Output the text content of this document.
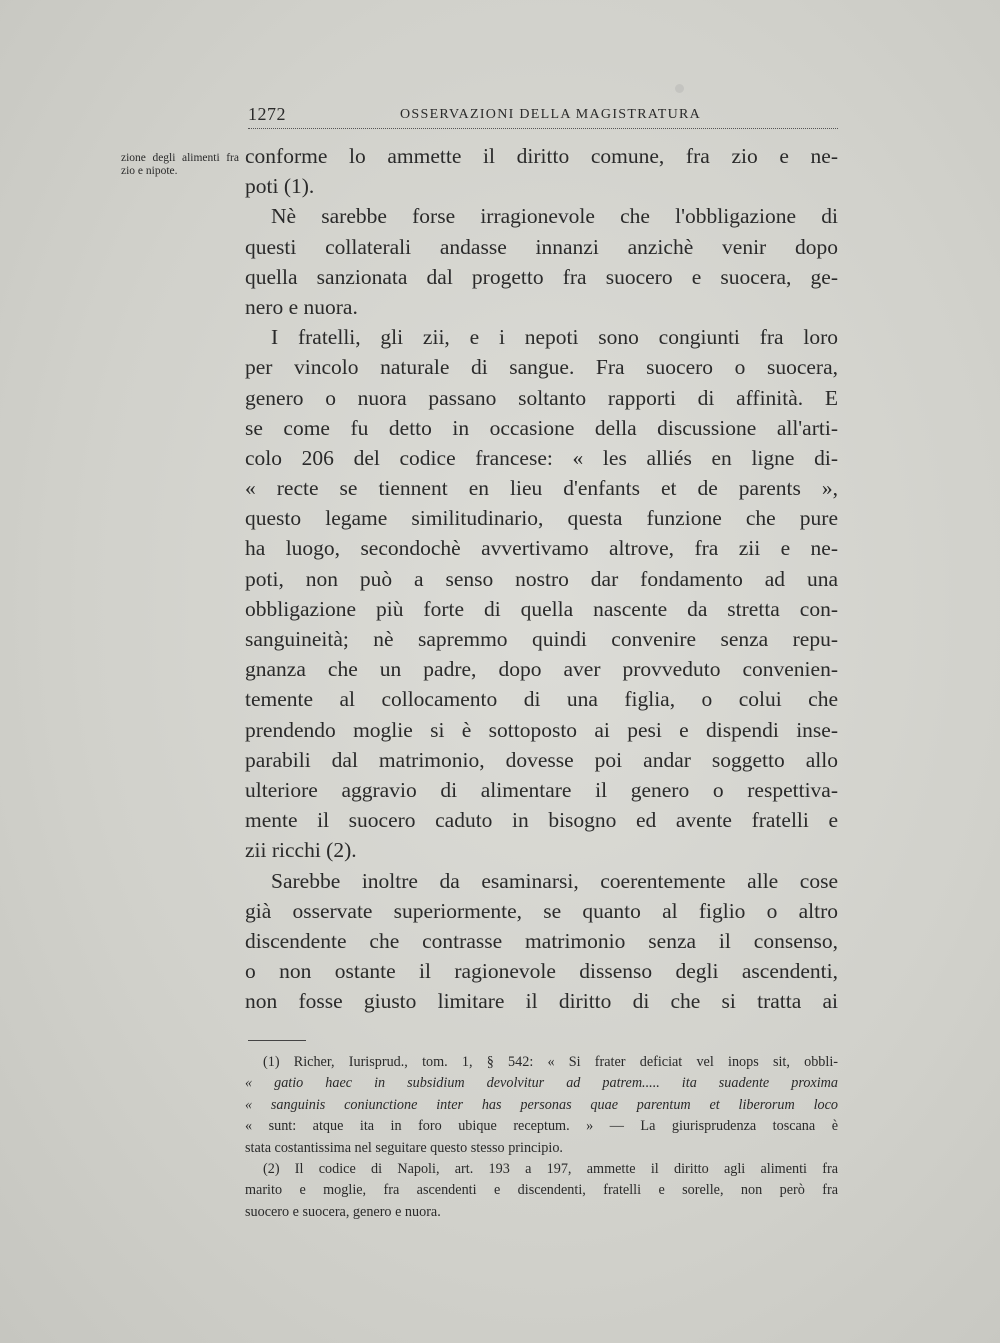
1272	OSSERVAZIONI DELLA MAGISTRATURA
zione degli alimenti fra zio e nipote.
conforme lo ammette il diritto comune, fra zio e ne-
poti (1).
Nè sarebbe forse irragionevole che l'obbligazione di
questi collaterali andasse innanzi anzichè venir dopo
quella sanzionata dal progetto fra suocero e suocera, ge-
nero e nuora.
I fratelli, gli zii, e i nepoti sono congiunti fra loro
per vincolo naturale di sangue. Fra suocero o suocera,
genero o nuora passano soltanto rapporti di affinità. E
se come fu detto in occasione della discussione all'arti-
colo 206 del codice francese: « les alliés en ligne di-
« recte se tiennent en lieu d'enfants et de parents »,
questo legame similitudinario, questa funzione che pure
ha luogo, secondochè avvertivamo altrove, fra zii e ne-
poti, non può a senso nostro dar fondamento ad una
obbligazione più forte di quella nascente da stretta con-
sanguineità; nè sapremmo quindi convenire senza repu-
gnanza che un padre, dopo aver provveduto convenien-
temente al collocamento di una figlia, o colui che
prendendo moglie si è sottoposto ai pesi e dispendi inse-
parabili dal matrimonio, dovesse poi andar soggetto allo
ulteriore aggravio di alimentare il genero o respettiva-
mente il suocero caduto in bisogno ed avente fratelli e
zii ricchi (2).
Sarebbe inoltre da esaminarsi, coerentemente alle cose
già osservate superiormente, se quanto al figlio o altro
discendente che contrasse matrimonio senza il consenso,
o non ostante il ragionevole dissenso degli ascendenti,
non fosse giusto limitare il diritto di che si tratta ai
(1) Richer, Iurisprud., tom. 1, § 542: « Si frater deficiat vel inops sit, obbli-
« gatio haec in subsidium devolvitur ad patrem..... ita suadente proxima
« sanguinis coniunctione inter has personas quae parentum et liberorum loco
« sunt: atque ita in foro ubique receptum. » — La giurisprudenza toscana è
stata costantissima nel seguitare questo stesso principio.
(2) Il codice di Napoli, art. 193 a 197, ammette il diritto agli alimenti fra
marito e moglie, fra ascendenti e discendenti, fratelli e sorelle, non però fra
suocero e suocera, genero e nuora.
